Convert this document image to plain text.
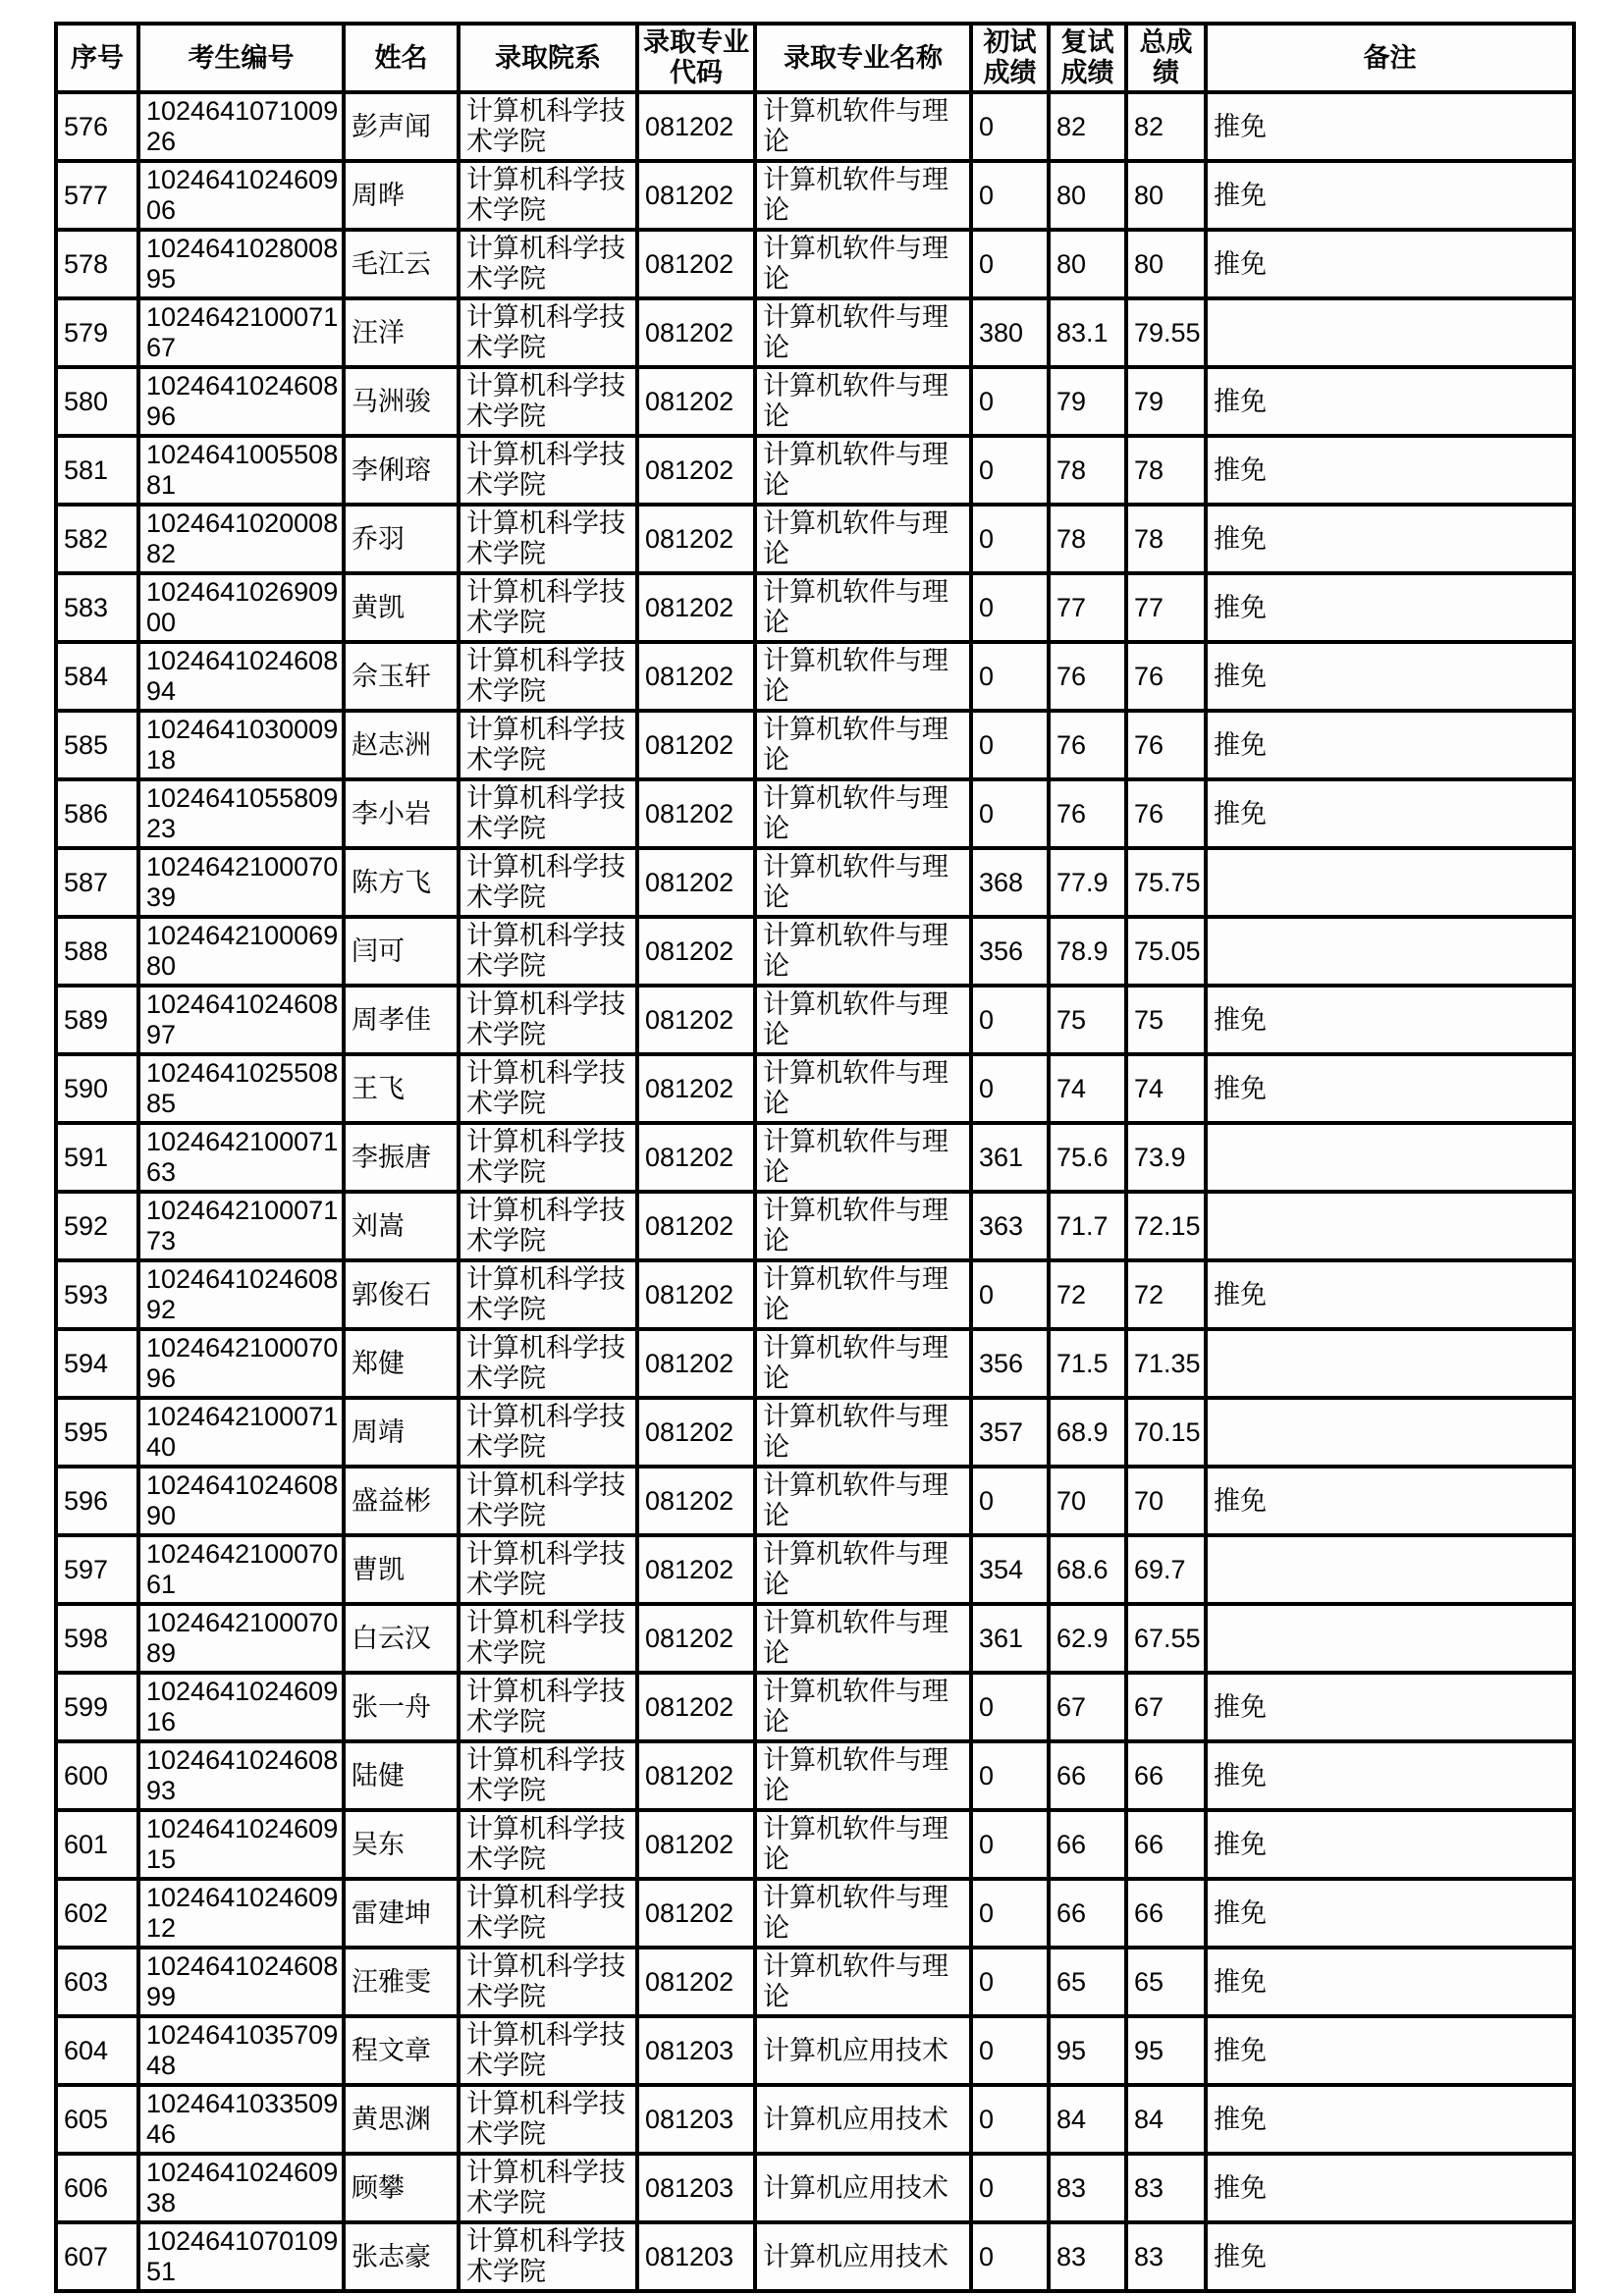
序号	考生编号	姓名	录取院系	录取专业代码	录取专业名称	初试成绩	复试成绩	总成绩	备注
576	102464107100926	彭声闻	计算机科学技术学院	081202	计算机软件与理论	0	82	82	推免
577	102464102460906	周晔	计算机科学技术学院	081202	计算机软件与理论	0	80	80	推免
578	102464102800895	毛江云	计算机科学技术学院	081202	计算机软件与理论	0	80	80	推免
579	102464210007167	汪洋	计算机科学技术学院	081202	计算机软件与理论	380	83.1	79.55	
580	102464102460896	马洲骏	计算机科学技术学院	081202	计算机软件与理论	0	79	79	推免
581	102464100550881	李俐瑢	计算机科学技术学院	081202	计算机软件与理论	0	78	78	推免
582	102464102000882	乔羽	计算机科学技术学院	081202	计算机软件与理论	0	78	78	推免
583	102464102690900	黄凯	计算机科学技术学院	081202	计算机软件与理论	0	77	77	推免
584	102464102460894	佘玉轩	计算机科学技术学院	081202	计算机软件与理论	0	76	76	推免
585	102464103000918	赵志洲	计算机科学技术学院	081202	计算机软件与理论	0	76	76	推免
586	102464105580923	李小岩	计算机科学技术学院	081202	计算机软件与理论	0	76	76	推免
587	102464210007039	陈方飞	计算机科学技术学院	081202	计算机软件与理论	368	77.9	75.75	
588	102464210006980	闫可	计算机科学技术学院	081202	计算机软件与理论	356	78.9	75.05	
589	102464102460897	周孝佳	计算机科学技术学院	081202	计算机软件与理论	0	75	75	推免
590	102464102550885	王飞	计算机科学技术学院	081202	计算机软件与理论	0	74	74	推免
591	102464210007163	李振唐	计算机科学技术学院	081202	计算机软件与理论	361	75.6	73.9	
592	102464210007173	刘嵩	计算机科学技术学院	081202	计算机软件与理论	363	71.7	72.15	
593	102464102460892	郭俊石	计算机科学技术学院	081202	计算机软件与理论	0	72	72	推免
594	102464210007096	郑健	计算机科学技术学院	081202	计算机软件与理论	356	71.5	71.35	
595	102464210007140	周靖	计算机科学技术学院	081202	计算机软件与理论	357	68.9	70.15	
596	102464102460890	盛益彬	计算机科学技术学院	081202	计算机软件与理论	0	70	70	推免
597	102464210007061	曹凯	计算机科学技术学院	081202	计算机软件与理论	354	68.6	69.7	
598	102464210007089	白云汉	计算机科学技术学院	081202	计算机软件与理论	361	62.9	67.55	
599	102464102460916	张一舟	计算机科学技术学院	081202	计算机软件与理论	0	67	67	推免
600	102464102460893	陆健	计算机科学技术学院	081202	计算机软件与理论	0	66	66	推免
601	102464102460915	吴东	计算机科学技术学院	081202	计算机软件与理论	0	66	66	推免
602	102464102460912	雷建坤	计算机科学技术学院	081202	计算机软件与理论	0	66	66	推免
603	102464102460899	汪雅雯	计算机科学技术学院	081202	计算机软件与理论	0	65	65	推免
604	102464103570948	程文章	计算机科学技术学院	081203	计算机应用技术	0	95	95	推免
605	102464103350946	黄思渊	计算机科学技术学院	081203	计算机应用技术	0	84	84	推免
606	102464102460938	顾攀	计算机科学技术学院	081203	计算机应用技术	0	83	83	推免
607	102464107010951	张志豪	计算机科学技术学院	081203	计算机应用技术	0	83	83	推免
